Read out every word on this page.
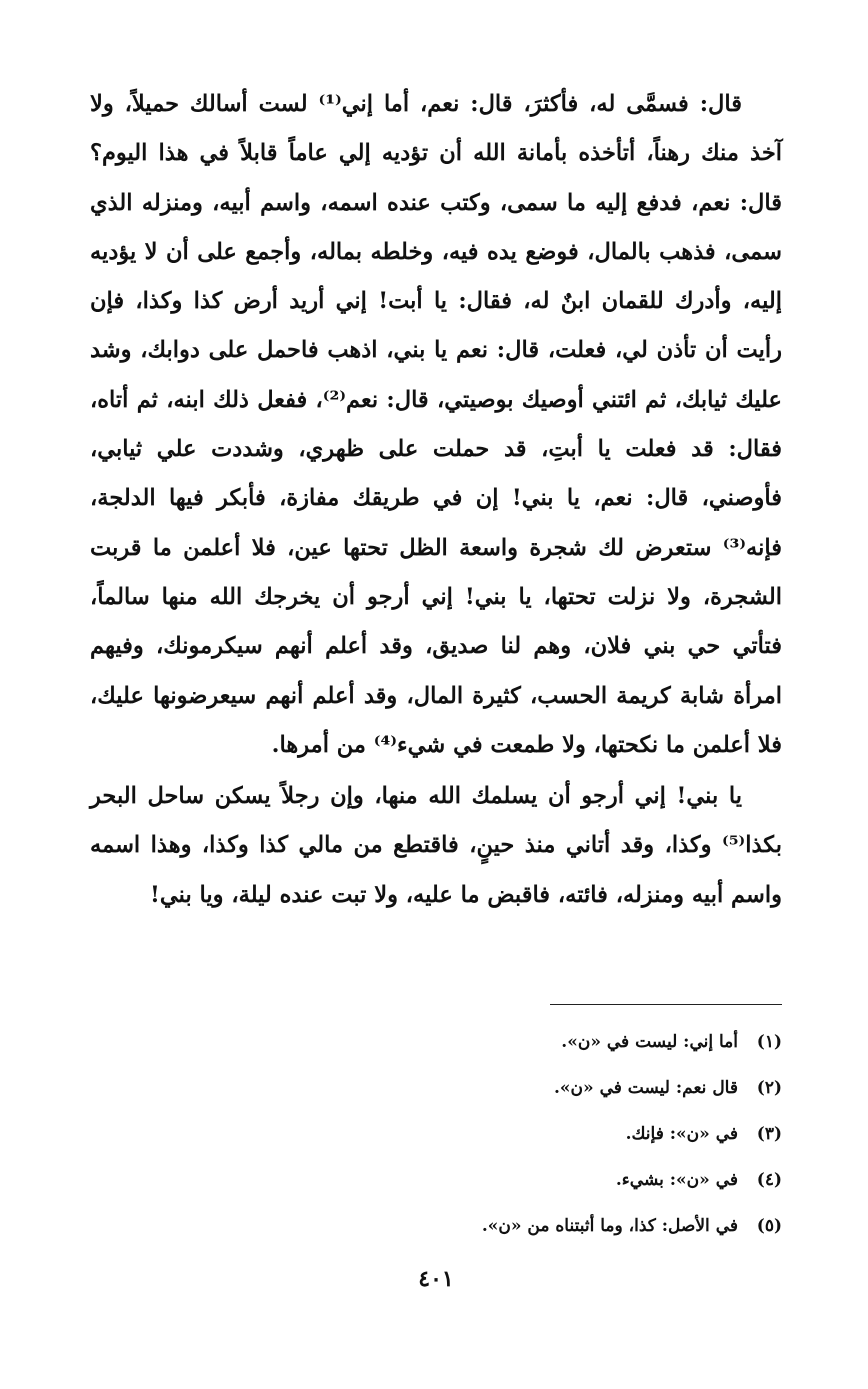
قال: فسمَّى له، فأكثرَ، قال: نعم، أما إني⁽¹⁾ لست أسالك حميلاً، ولا آخذ منك رهناً، أتأخذه بأمانة الله أن تؤديه إلي عاماً قابلاً في هذا اليوم؟ قال: نعم، فدفع إليه ما سمى، وكتب عنده اسمه، واسم أبيه، ومنزله الذي سمى، فذهب بالمال، فوضع يده فيه، وخلطه بماله، وأجمع على أن لا يؤديه إليه، وأدرك للقمان ابنٌ له، فقال: يا أبت! إني أريد أرض كذا وكذا، فإن رأيت أن تأذن لي، فعلت، قال: نعم يا بني، اذهب فاحمل على دوابك، وشد عليك ثيابك، ثم ائتني أوصيك بوصيتي، قال: نعم⁽²⁾، ففعل ذلك ابنه، ثم أتاه، فقال: قد فعلت يا أبتِ، قد حملت على ظهري، وشددت علي ثيابي، فأوصني، قال: نعم، يا بني! إن في طريقك مفازة، فأبكر فيها الدلجة، فإنه⁽³⁾ ستعرض لك شجرة واسعة الظل تحتها عين، فلا أعلمن ما قربت الشجرة، ولا نزلت تحتها، يا بني! إني أرجو أن يخرجك الله منها سالماً، فتأتي حي بني فلان، وهم لنا صديق، وقد أعلم أنهم سيكرمونك، وفيهم امرأة شابة كريمة الحسب، كثيرة المال، وقد أعلم أنهم سيعرضونها عليك، فلا أعلمن ما نكحتها، ولا طمعت في شيء⁽⁴⁾ من أمرها.

يا بني! إني أرجو أن يسلمك الله منها، وإن رجلاً يسكن ساحل البحر بكذا⁽⁵⁾ وكذا، وقد أتاني منذ حينٍ، فاقتطع من مالي كذا وكذا، وهذا اسمه واسم أبيه ومنزله، فائته، فاقبض ما عليه، ولا تبت عنده ليلة، ويا بني!

(١)
أما إني: ليست في «ن».
(٢)
قال نعم: ليست في «ن».
(٣)
في «ن»: فإنك.
(٤)
في «ن»: بشيء.
(٥)
في الأصل: كذا، وما أثبتناه من «ن».
٤٠١
